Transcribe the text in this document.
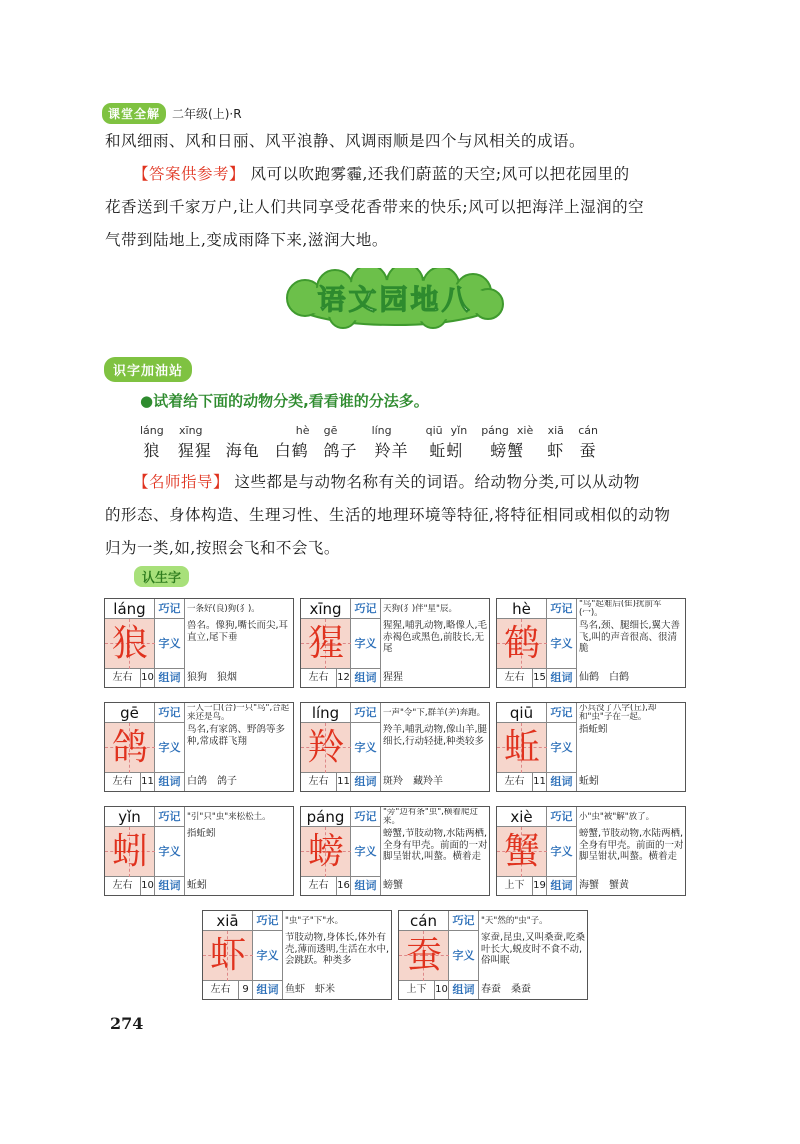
课堂全解	二年级(上)·R
和风细雨、风和日丽、风平浪静、风调雨顺是四个与风相关的成语。
【答案供参考】 风可以吹跑雾霾,还我们蔚蓝的天空;风可以把花园里的
花香送到千家万户,让人们共同享受花香带来的快乐;风可以把海洋上湿润的空
气带到陆地上,变成雨降下来,滋润大地。
语文园地八
识字加油站
●试着给下面的动物分类,看看谁的分法多。
láng
狼
xīng
猩猩 海龟
hè
白鹤
gē
鸽子
líng
羚羊
qiū yǐn
蚯蚓
páng xiè
螃蟹
xiā
虾
cán
蚕
【名师指导】 这些都是与动物名称有关的词语。给动物分类,可以从动物
的形态、身体构造、生理习性、生活的地理环境等特征,将特征相同或相似的动物
归为一类,如,按照会飞和不会飞。
认生字
láng
狼
巧记
字义
组词
一条好(良)狗(犭)。
兽名。像狗,嘴长而尖,耳直立,尾下垂
左右 10	狼狗　狼烟
xīng
猩
巧记
字义
组词
天狗(犭)伴"星"辰。
猩猩,哺乳动物,略像人,毛赤褐色或黑色,前肢长,无尾
左右 12	猩猩
hè
鹤
巧记
字义
组词
"鸟"起难后(隹)扰前军(冖)。
鸟名,颈、腿细长,翼大善飞,叫的声音很高、很清脆
左右 15	仙鹤　白鹤
gē
鸽
巧记
字义
组词
一人一口(合)一只"鸟",合起来还是鸟。
鸟名,有家鸽、野鸽等多种,常成群飞翔
左右 11	白鸽　鸽子
líng
羚
巧记
字义
组词
一声"令"下,群羊(⺶)奔跑。
羚羊,哺乳动物,像山羊,腿细长,行动轻捷,种类较多
左右 11	斑羚　藏羚羊
qiū
蚯
巧记
字义
组词
小兵没了八字(丘),却和"虫"子在一起。
指蚯蚓
左右 11	蚯蚓
yǐn
蚓
巧记
字义
组词
"引"只"虫"来松松土。
指蚯蚓
左右 10	蚯蚓
páng
螃
巧记
字义
组词
"旁"边有条"虫",横着爬过来。
螃蟹,节肢动物,水陆两栖,全身有甲壳。前面的一对脚呈钳状,叫螯。横着走
左右 16	螃蟹
xiè
蟹
巧记
字义
组词
小"虫"被"解"放了。
螃蟹,节肢动物,水陆两栖,全身有甲壳。前面的一对脚呈钳状,叫螯。横着走
上下 19	海蟹　蟹黄
xiā
虾
巧记
字义
组词
"虫"子"下"水。
节肢动物,身体长,体外有壳,薄而透明,生活在水中,会跳跃。种类多
左右	9	鱼虾　虾米
cán
蚕
巧记
字义
组词
"天"然的"虫"子。
家蚕,昆虫,又叫桑蚕,吃桑叶长大,蜕皮时不食不动,俗叫眠
上下 10	春蚕　桑蚕
274
